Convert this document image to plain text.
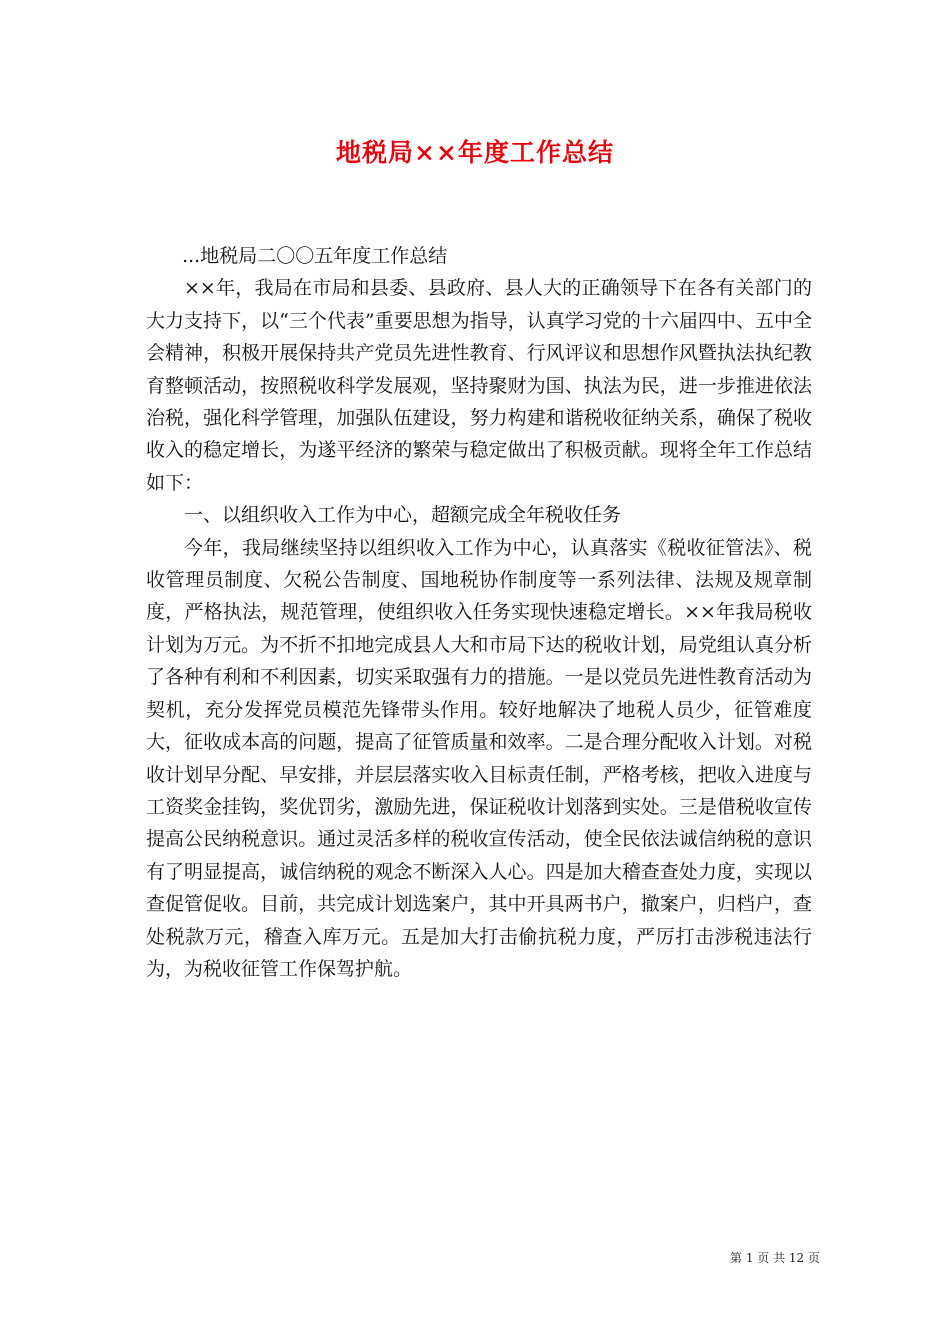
地税局××年度工作总结

...地税局二〇〇五年度工作总结

××年，我局在市局和县委、县政府、县人大的正确领导下在各有关部门的大力支持下，以“三个代表”重要思想为指导，认真学习党的十六届四中、五中全会精神，积极开展保持共产党员先进性教育、行风评议和思想作风暨执法执纪教育整顿活动，按照税收科学发展观，坚持聚财为国、执法为民，进一步推进依法治税，强化科学管理，加强队伍建设，努力构建和谐税收征纳关系，确保了税收收入的稳定增长，为遂平经济的繁荣与稳定做出了积极贡献。现将全年工作总结如下：

一、以组织收入工作为中心，超额完成全年税收任务

今年，我局继续坚持以组织收入工作为中心，认真落实《税收征管法》、税收管理员制度、欠税公告制度、国地税协作制度等一系列法律、法规及规章制度，严格执法，规范管理，使组织收入任务实现快速稳定增长。××年我局税收计划为万元。为不折不扣地完成县人大和市局下达的税收计划，局党组认真分析了各种有利和不利因素，切实采取强有力的措施。一是以党员先进性教育活动为契机，充分发挥党员模范先锋带头作用。较好地解决了地税人员少，征管难度大，征收成本高的问题，提高了征管质量和效率。二是合理分配收入计划。对税收计划早分配、早安排，并层层落实收入目标责任制，严格考核，把收入进度与工资奖金挂钩，奖优罚劣，激励先进，保证税收计划落到实处。三是借税收宣传提高公民纳税意识。通过灵活多样的税收宣传活动，使全民依法诚信纳税的意识有了明显提高，诚信纳税的观念不断深入人心。四是加大稽查查处力度，实现以查促管促收。目前，共完成计划选案户，其中开具两书户，撤案户，归档户，查处税款万元，稽查入库万元。五是加大打击偷抗税力度，严厉打击涉税违法行为，为税收征管工作保驾护航。

第 1 页 共 12 页
